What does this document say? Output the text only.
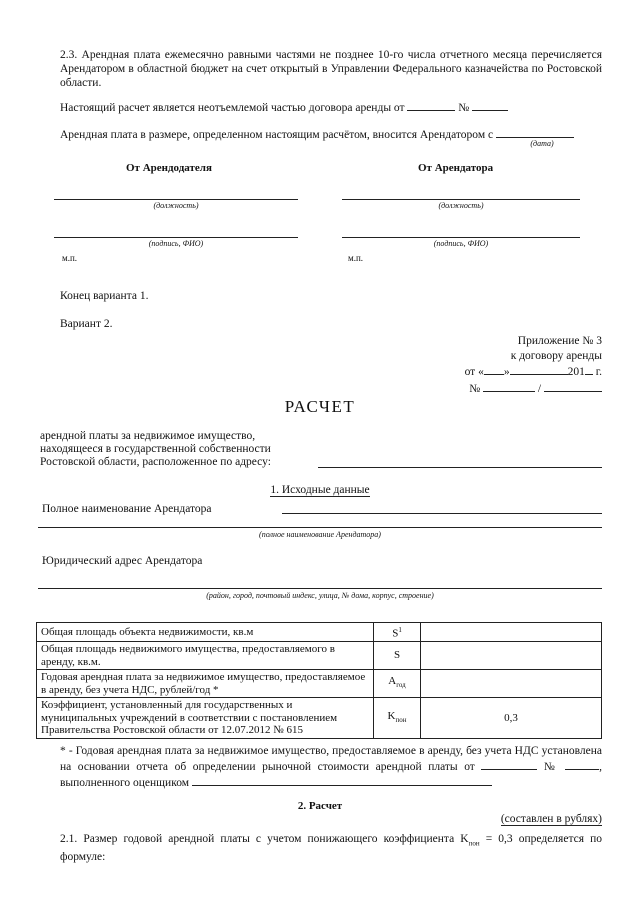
2.3. Арендная плата ежемесячно равными частями не позднее 10-го числа отчетного месяца перечисляется Арендатором в областной бюджет на счет открытый в Управлении Федерального казначейства по Ростовской области.
Настоящий расчет является неотъемлемой частью договора аренды от	№
Арендная плата в размере, определенном настоящим расчётом, вносится Арендатором с
(дата)
От Арендодателя	От Арендатора
(должность)	(должность)
(подпись, ФИО)	(подпись, ФИО)
м.п.	м.п.
Конец варианта 1.
Вариант 2.
Приложение № 3
к договору аренды
от « »	201 г.
№	/
РАСЧЕТ
арендной платы за недвижимое имущество,
находящееся в государственной собственности
Ростовской области, расположенное по адресу:
1. Исходные данные
Полное наименование Арендатора
(полное наименование Арендатора)
Юридический адрес Арендатора
(район, город, почтовый индекс, улица, № дома, корпус, строение)
Общая площадь объекта недвижимости, кв.м	$S^1$	
Общая площадь недвижимого имущества, предоставляемого в аренду, кв.м.	S	
Годовая арендная плата за недвижимое имущество, предоставляемое в аренду, без учета НДС, рублей/год *	$A_{год}$	
Коэффициент, установленный для государственных и муниципальных учреждений в соответствии с постановлением Правительства Ростовской области от 12.07.2012 № 615	$K_{пон}$	0,3
* - Годовая арендная плата за недвижимое имущество, предоставляемое в аренду, без учета НДС установлена на основании отчета об определении рыночной стоимости арендной платы от	№	, выполненного оценщиком
2. Расчет
(составлен в рублях)
2.1. Размер годовой арендной платы с учетом понижающего коэффициента $K_{пон} = 0,3$ определяется по формуле:
